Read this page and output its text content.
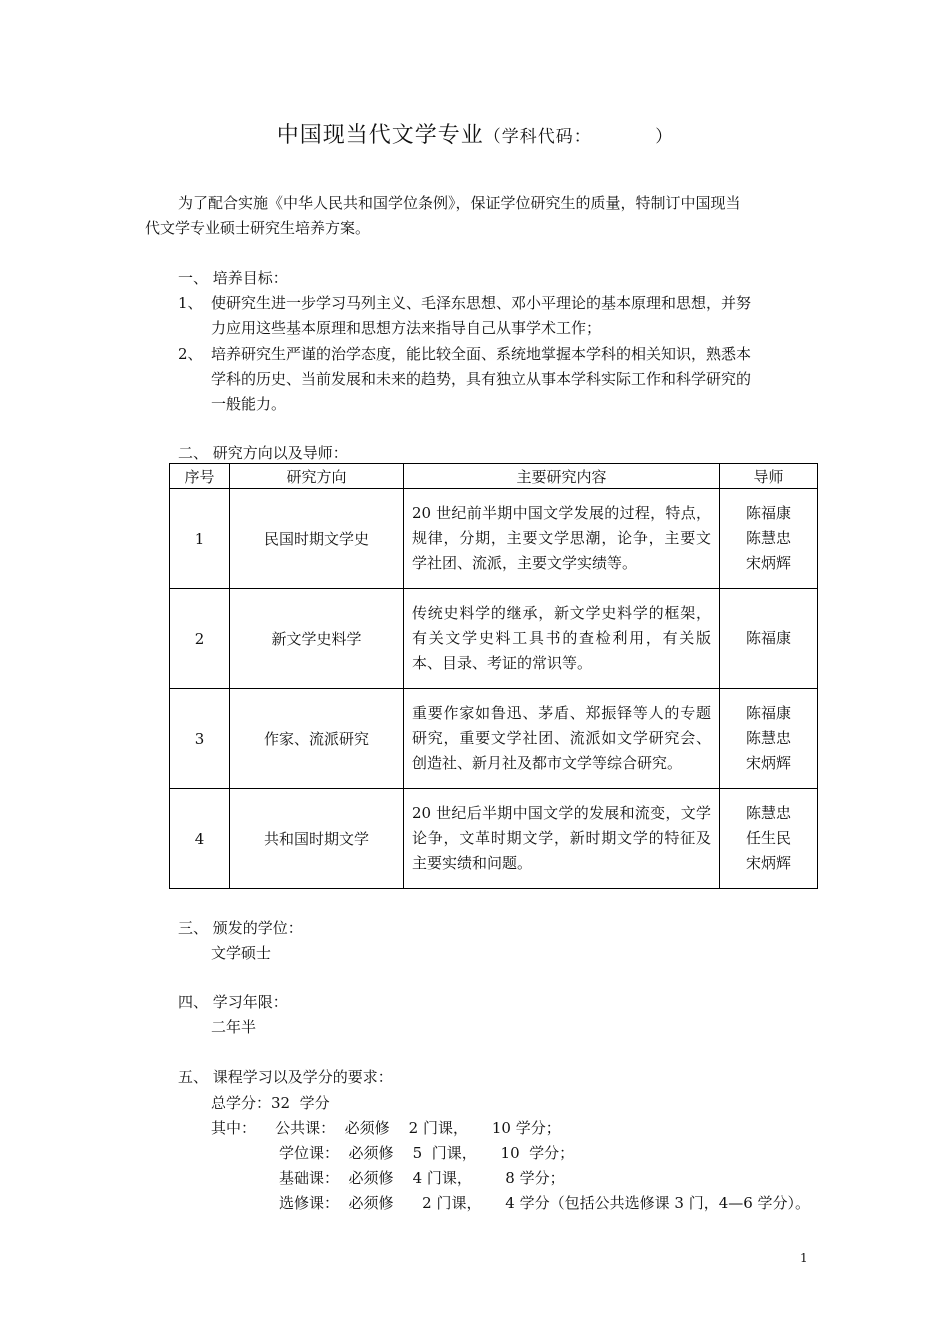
中国现当代文学专业（学科代码：　　　　）
为了配合实施《中华人民共和国学位条例》，保证学位研究生的质量，特制订中国现当
代文学专业硕士研究生培养方案。
一、 培养目标：
1、 使研究生进一步学习马列主义、毛泽东思想、邓小平理论的基本原理和思想，并努
力应用这些基本原理和思想方法来指导自己从事学术工作；
2、 培养研究生严谨的治学态度，能比较全面、系统地掌握本学科的相关知识，熟悉本
学科的历史、当前发展和未来的趋势，具有独立从事本学科实际工作和科学研究的
一般能力。
二、 研究方向以及导师：
序号	研究方向	主要研究内容	导师
1	民国时期文学史	20 世纪前半期中国文学发展的过程，特点，规律，分期，主要文学思潮，论争，主要文学社团、流派，主要文学实绩等。	陈福康
陈慧忠
宋炳辉

2	新文学史料学	传统史料学的继承，新文学史料学的框架，有关文学史料工具书的查检利用，有关版本、目录、考证的常识等。	陈福康

3	作家、流派研究	重要作家如鲁迅、茅盾、郑振铎等人的专题研究，重要文学社团、流派如文学研究会、创造社、新月社及都市文学等综合研究。	陈福康
陈慧忠
宋炳辉

4	共和国时期文学	20 世纪后半期中国文学的发展和流变，文学论争，文革时期文学，新时期文学的特征及主要实绩和问题。	陈慧忠
任生民
宋炳辉
三、 颁发的学位：
文学硕士
四、 学习年限：
二年半
五、 课程学习以及学分的要求：
总学分：32  学分
其中：    公共课：  必须修    2 门课，     10 学分；
学位课：  必须修    5  门课，     10  学分；
基础课：  必须修    4 门课，       8 学分；
选修课：  必须修      2 门课，     4 学分（包括公共选修课 3 门，4—6 学分）。
1
